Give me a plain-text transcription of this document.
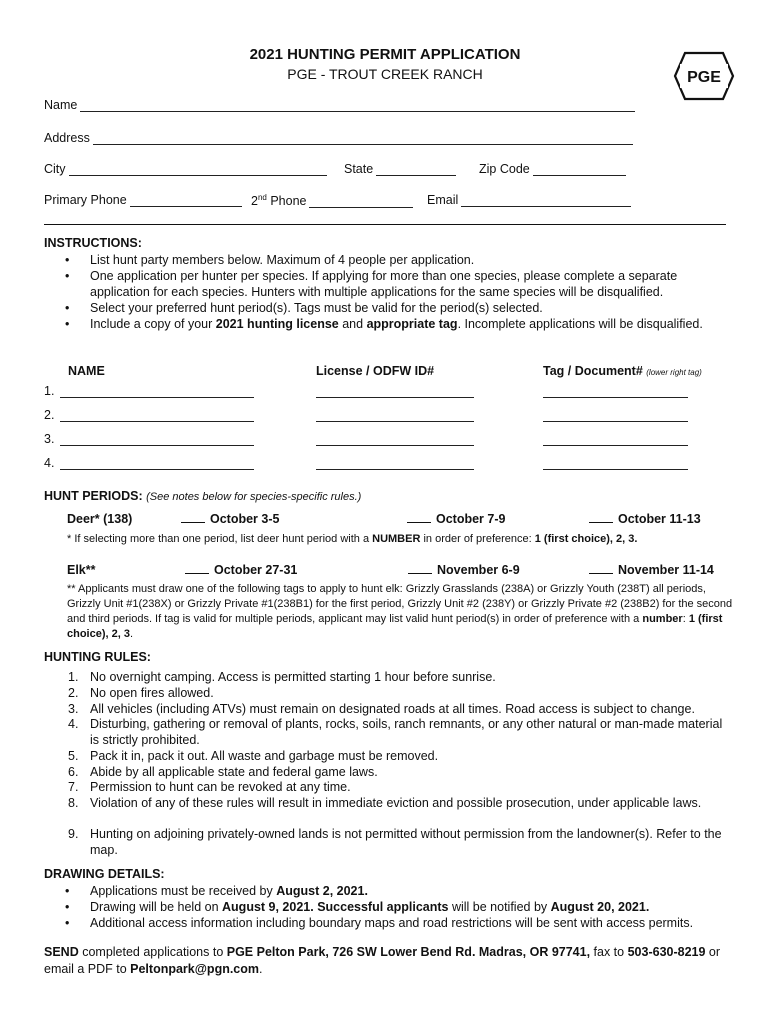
2021 HUNTING PERMIT APPLICATION
PGE - TROUT CREEK RANCH	PGE
Name
Address
City	State	Zip Code
Primary Phone	2nd Phone	Email
INSTRUCTIONS:
• List hunt party members below. Maximum of 4 people per application.
• One application per hunter per species. If applying for more than one species, please complete a separate application for each species. Hunters with multiple applications for the same species will be disqualified.
• Select your preferred hunt period(s). Tags must be valid for the period(s) selected.
• Include a copy of your 2021 hunting license and appropriate tag. Incomplete applications will be disqualified.
NAME	License / ODFW ID#	Tag / Document# (lower right tag)
1.
2.
3.
4.
HUNT PERIODS: (See notes below for species-specific rules.)
Deer* (138)	October 3-5	October 7-9	October 11-13
* If selecting more than one period, list deer hunt period with a NUMBER in order of preference: 1 (first choice), 2, 3.
Elk**	October 27-31	November 6-9	November 11-14
** Applicants must draw one of the following tags to apply to hunt elk: Grizzly Grasslands (238A) or Grizzly Youth (238T) all periods, Grizzly Unit #1(238X) or Grizzly Private #1(238B1) for the first period, Grizzly Unit #2 (238Y) or Grizzly Private #2 (238B2) for the second and third periods. If tag is valid for multiple periods, applicant may list valid hunt period(s) in order of preference with a number: 1 (first choice), 2, 3.
HUNTING RULES:
1. No overnight camping. Access is permitted starting 1 hour before sunrise.
2. No open fires allowed.
3. All vehicles (including ATVs) must remain on designated roads at all times. Road access is subject to change.
4. Disturbing, gathering or removal of plants, rocks, soils, ranch remnants, or any other natural or man-made material is strictly prohibited.
5. Pack it in, pack it out. All waste and garbage must be removed.
6. Abide by all applicable state and federal game laws.
7. Permission to hunt can be revoked at any time.
8. Violation of any of these rules will result in immediate eviction and possible prosecution, under applicable laws.
9. Hunting on adjoining privately-owned lands is not permitted without permission from the landowner(s). Refer to the map.
DRAWING DETAILS:
• Applications must be received by August 2, 2021.
• Drawing will be held on August 9, 2021. Successful applicants will be notified by August 20, 2021.
• Additional access information including boundary maps and road restrictions will be sent with access permits.
SEND completed applications to PGE Pelton Park, 726 SW Lower Bend Rd. Madras, OR 97741, fax to 503-630-8219 or email a PDF to Peltonpark@pgn.com.
